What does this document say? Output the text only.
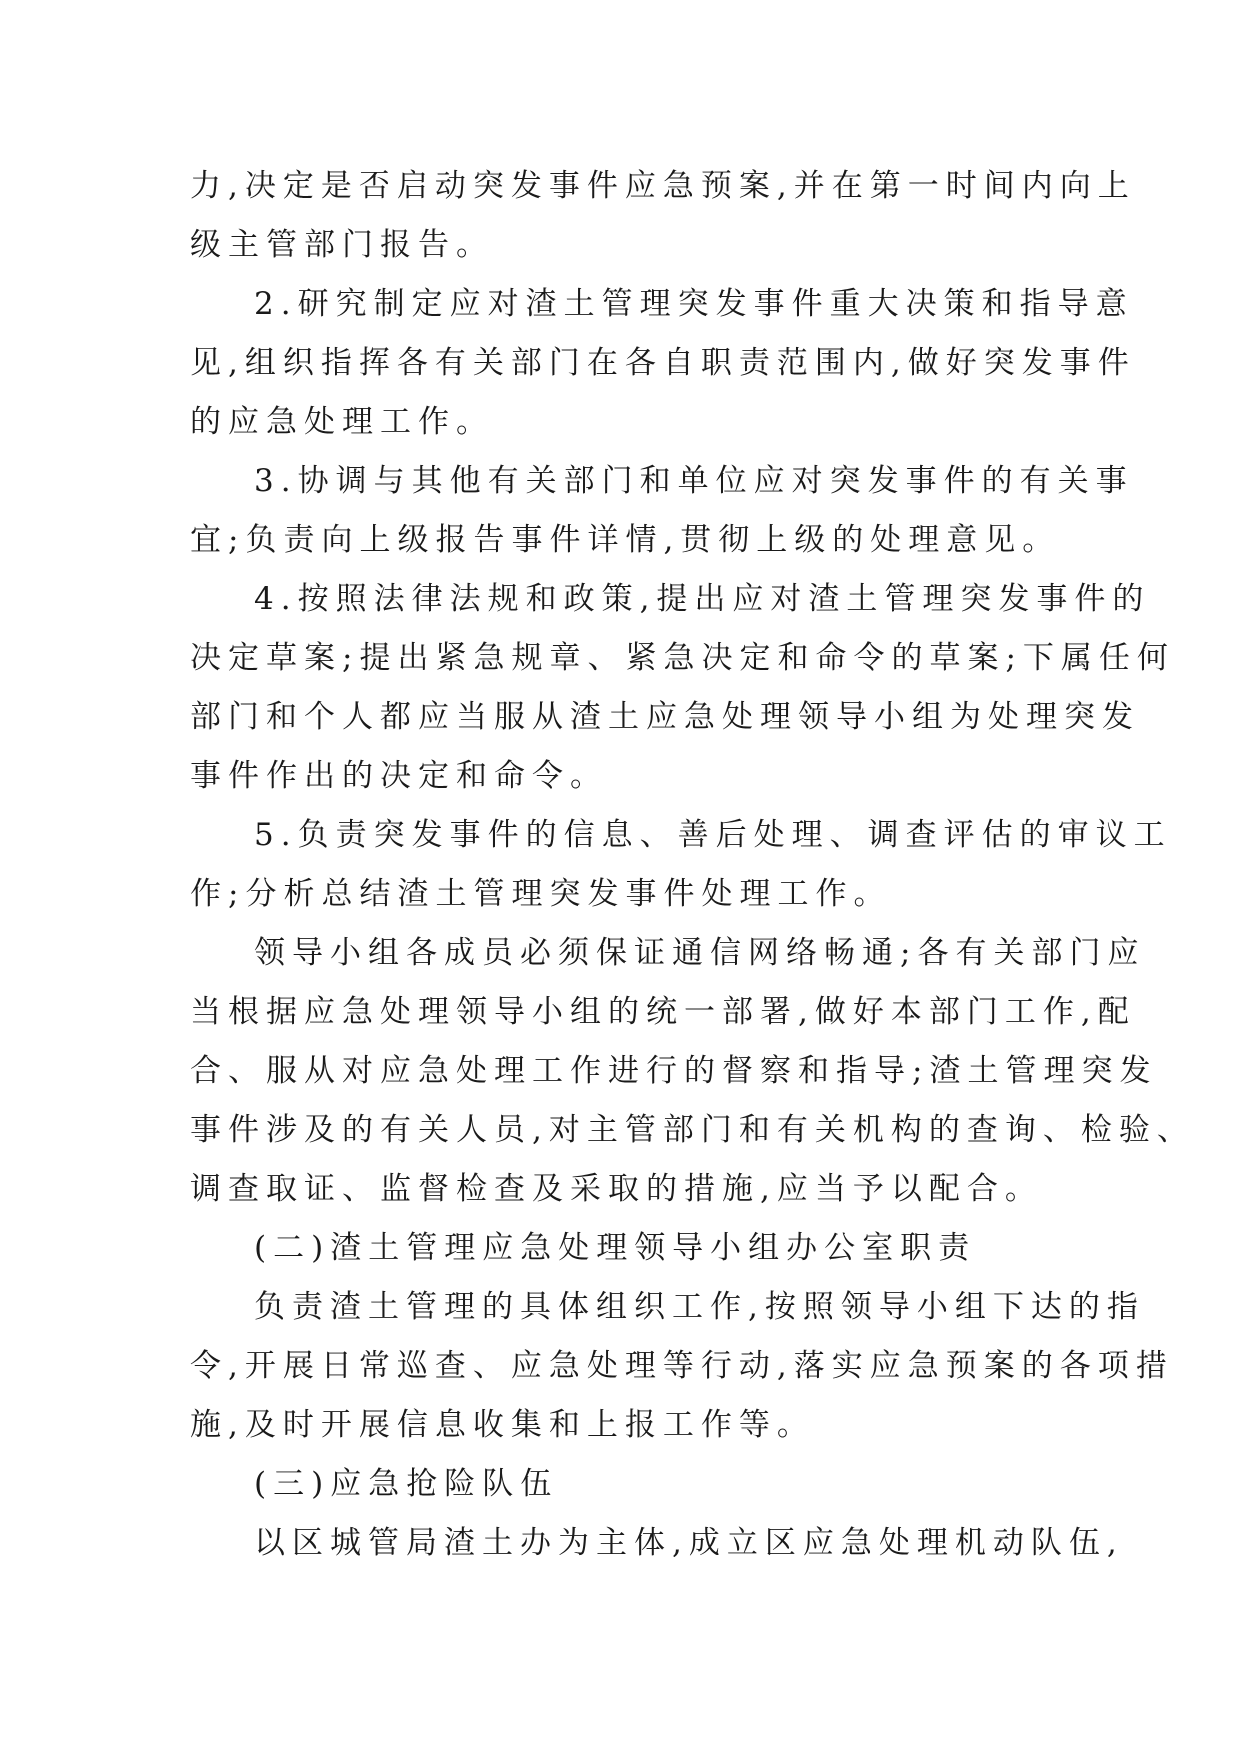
力,决定是否启动突发事件应急预案,并在第一时间内向上
级主管部门报告。
2.研究制定应对渣土管理突发事件重大决策和指导意
见,组织指挥各有关部门在各自职责范围内,做好突发事件
的应急处理工作。
3.协调与其他有关部门和单位应对突发事件的有关事
宜;负责向上级报告事件详情,贯彻上级的处理意见。
4.按照法律法规和政策,提出应对渣土管理突发事件的
决定草案;提出紧急规章、紧急决定和命令的草案;下属任何
部门和个人都应当服从渣土应急处理领导小组为处理突发
事件作出的决定和命令。
5.负责突发事件的信息、善后处理、调查评估的审议工
作;分析总结渣土管理突发事件处理工作。
领导小组各成员必须保证通信网络畅通;各有关部门应
当根据应急处理领导小组的统一部署,做好本部门工作,配
合、服从对应急处理工作进行的督察和指导;渣土管理突发
事件涉及的有关人员,对主管部门和有关机构的查询、检验、
调查取证、监督检查及采取的措施,应当予以配合。
(二)渣土管理应急处理领导小组办公室职责
负责渣土管理的具体组织工作,按照领导小组下达的指
令,开展日常巡查、应急处理等行动,落实应急预案的各项措
施,及时开展信息收集和上报工作等。
(三)应急抢险队伍
以区城管局渣土办为主体,成立区应急处理机动队伍,
